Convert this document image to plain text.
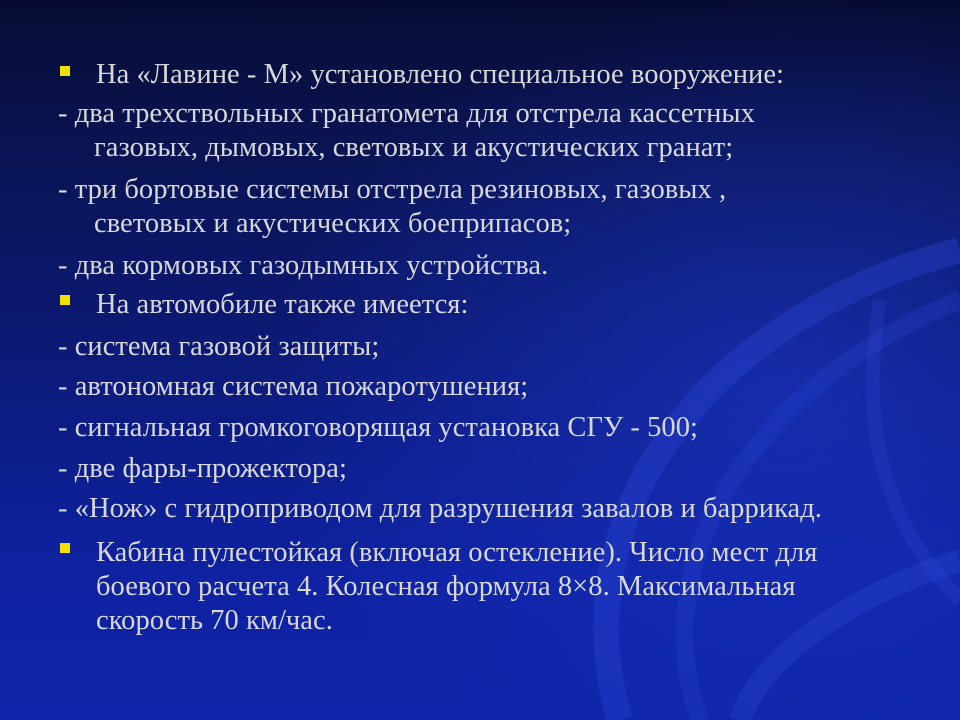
На «Лавине - М» установлено специальное вооружение:
- два трехствольных гранатомета для отстрела кассетных
газовых, дымовых, световых и акустических гранат;
- три бортовые системы отстрела резиновых, газовых ,
световых и акустических боеприпасов;
- два кормовых газодымных устройства.
На автомобиле также имеется:
- система газовой защиты;
- автономная система пожаротушения;
- сигнальная громкоговорящая установка СГУ - 500;
- две фары-прожектора;
- «Нож» с гидроприводом для разрушения завалов и баррикад.
Кабина пулестойкая (включая остекление). Число мест для
боевого расчета 4. Колесная формула 8×8. Максимальная
скорость 70 км/час.
